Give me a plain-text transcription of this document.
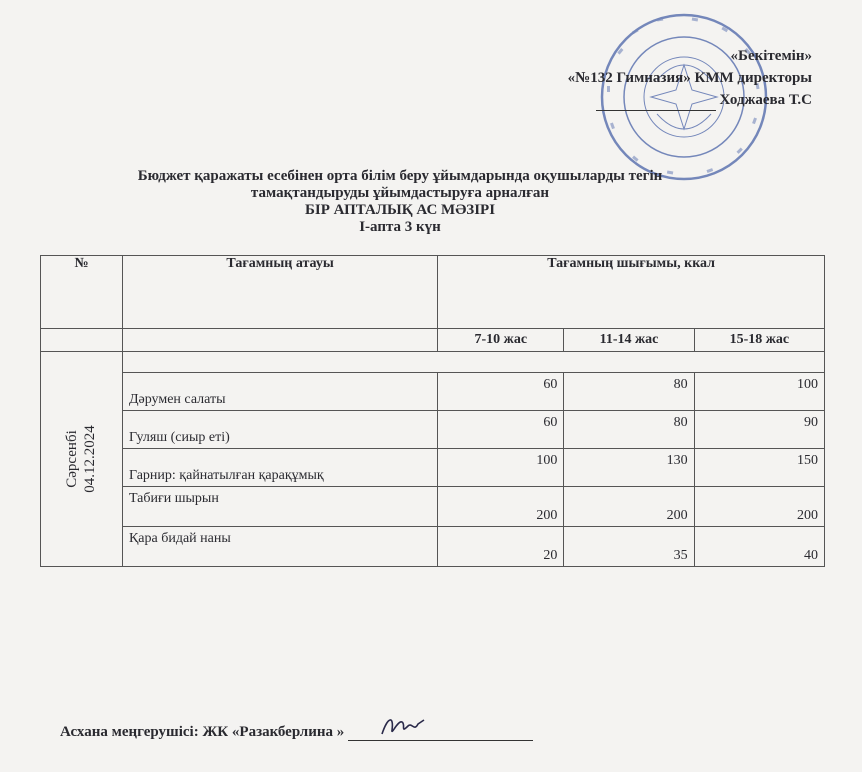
«Бекітемін»
«№132 Гимназия» КММ директоры
Ходжаева Т.С
Бюджет қаражаты есебінен орта білім беру ұйымдарында оқушыларды тегін
тамақтандыруды ұйымдастыруға арналған
БІР АПТАЛЫҚ АС МӘЗІРІ
І-апта 3 күн
№	Тағамның атауы	Тағамның шығымы, ккал		
		7-10 жас	11-14 жас	15-18 жас

Сәрсенбі 04.12.2024				

	Дәрумен салаты	60	80	100
	Гуляш (сиыр еті)	60	80	90
	Гарнир: қайнатылған қарақұмық	100	130	150
	Табиғи шырын	200	200	200
	Қара бидай наны	20	35	40
Асхана меңгерушісі: ЖК «Разакберлина »
